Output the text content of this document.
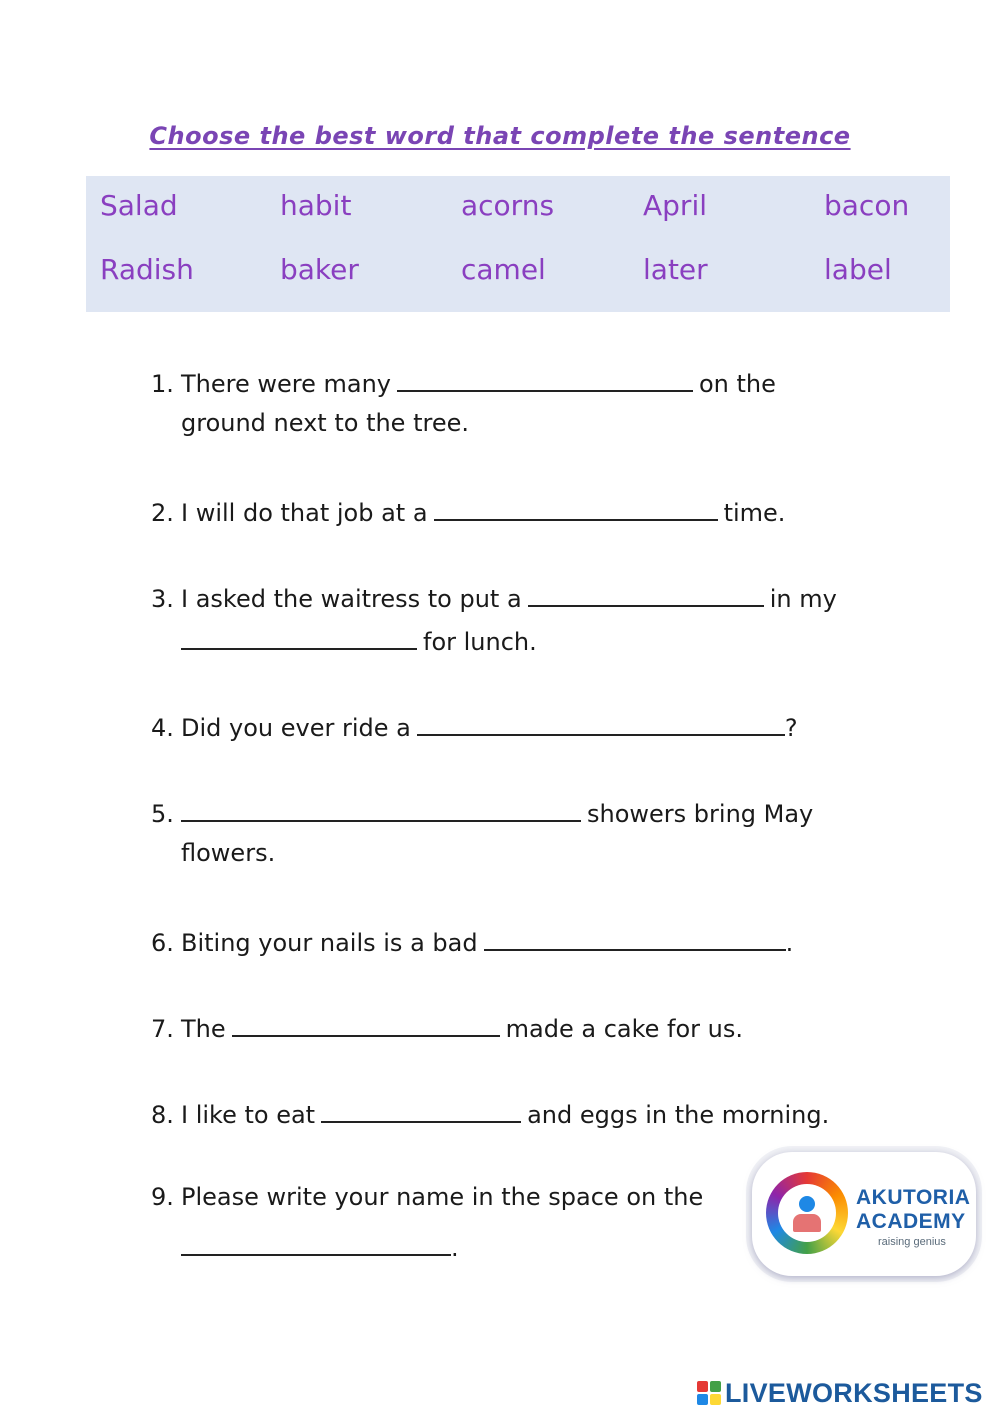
Choose the best word that complete the sentence
Salad	habit	acorns	April	bacon
Radish	baker	camel	later	label
1. There were many	on the
ground next to the tree.
2. I will do that job at a	time.
3. I asked the waitress to put a	in my
for lunch.
4. Did you ever ride a	?
5.	showers bring May
flowers.
6. Biting your nails is a bad	.
7. The	made a cake for us.
8. I like to eat	and eggs in the morning.
9. Please write your name in the space on the
.
AKUTORIA
ACADEMY
raising genius
LIVEWORKSHEETS
